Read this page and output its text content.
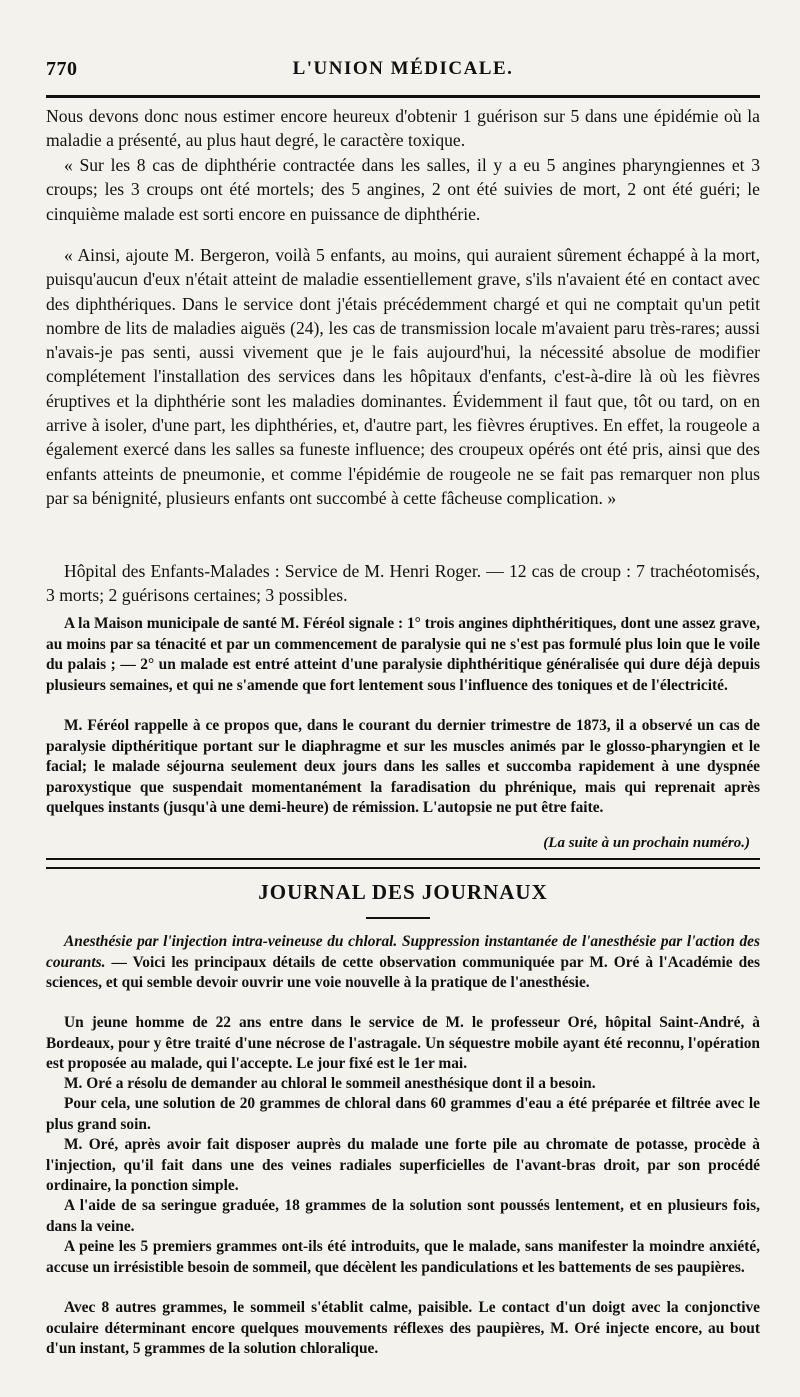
770	L'UNION MÉDICALE.

Nous devons donc nous estimer encore heureux d'obtenir 1 guérison sur 5 dans une épidémie où la maladie a présenté, au plus haut degré, le caractère toxique.

« Sur les 8 cas de diphthérie contractée dans les salles, il y a eu 5 angines pharyngiennes et 3 croups; les 3 croups ont été mortels; des 5 angines, 2 ont été suivies de mort, 2 ont été guéri; le cinquième malade est sorti encore en puissance de diphthérie.

« Ainsi, ajoute M. Bergeron, voilà 5 enfants, au moins, qui auraient sûrement échappé à la mort, puisqu'aucun d'eux n'était atteint de maladie essentiellement grave, s'ils n'avaient été en contact avec des diphthériques. Dans le service dont j'étais précédemment chargé et qui ne comptait qu'un petit nombre de lits de maladies aiguës (24), les cas de transmission locale m'avaient paru très-rares; aussi n'avais-je pas senti, aussi vivement que je le fais aujourd'hui, la nécessité absolue de modifier complétement l'installation des services dans les hôpitaux d'enfants, c'est-à-dire là où les fièvres éruptives et la diphthérie sont les maladies dominantes. Évidemment il faut que, tôt ou tard, on en arrive à isoler, d'une part, les diphthéries, et, d'autre part, les fièvres éruptives. En effet, la rougeole a également exercé dans les salles sa funeste influence; des croupeux opérés ont été pris, ainsi que des enfants atteints de pneumonie, et comme l'épidémie de rougeole ne se fait pas remarquer non plus par sa bénignité, plusieurs enfants ont succombé à cette fâcheuse complication. »

Hôpital des Enfants-Malades : Service de M. Henri Roger. — 12 cas de croup : 7 trachéotomisés, 3 morts; 2 guérisons certaines; 3 possibles.

A la Maison municipale de santé M. Féréol signale : 1° trois angines diphthéritiques, dont une assez grave, au moins par sa ténacité et par un commencement de paralysie qui ne s'est pas formulé plus loin que le voile du palais ; — 2° un malade est entré atteint d'une paralysie diphthéritique généralisée qui dure déjà depuis plusieurs semaines, et qui ne s'amende que fort lentement sous l'influence des toniques et de l'électricité.

M. Féréol rappelle à ce propos que, dans le courant du dernier trimestre de 1873, il a observé un cas de paralysie dipthéritique portant sur le diaphragme et sur les muscles animés par le glosso-pharyngien et le facial; le malade séjourna seulement deux jours dans les salles et succomba rapidement à une dyspnée paroxystique que suspendait momentanément la faradisation du phrénique, mais qui reprenait après quelques instants (jusqu'à une demi-heure) de rémission. L'autopsie ne put être faite.

(La suite à un prochain numéro.)
JOURNAL DES JOURNAUX

Anesthésie par l'injection intra-veineuse du chloral. Suppression instantanée de l'anesthésie par l'action des courants. — Voici les principaux détails de cette observation communiquée par M. Oré à l'Académie des sciences, et qui semble devoir ouvrir une voie nouvelle à la pratique de l'anesthésie.

Un jeune homme de 22 ans entre dans le service de M. le professeur Oré, hôpital Saint-André, à Bordeaux, pour y être traité d'une nécrose de l'astragale. Un séquestre mobile ayant été reconnu, l'opération est proposée au malade, qui l'accepte. Le jour fixé est le 1er mai.

M. Oré a résolu de demander au chloral le sommeil anesthésique dont il a besoin.

Pour cela, une solution de 20 grammes de chloral dans 60 grammes d'eau a été préparée et filtrée avec le plus grand soin.

M. Oré, après avoir fait disposer auprès du malade une forte pile au chromate de potasse, procède à l'injection, qu'il fait dans une des veines radiales superficielles de l'avant-bras droit, par son procédé ordinaire, la ponction simple.

A l'aide de sa seringue graduée, 18 grammes de la solution sont poussés lentement, et en plusieurs fois, dans la veine.

A peine les 5 premiers grammes ont-ils été introduits, que le malade, sans manifester la moindre anxiété, accuse un irrésistible besoin de sommeil, que décèlent les pandiculations et les battements de ses paupières.

Avec 8 autres grammes, le sommeil s'établit calme, paisible. Le contact d'un doigt avec la conjonctive oculaire déterminant encore quelques mouvements réflexes des paupières, M. Oré injecte encore, au bout d'un instant, 5 grammes de la solution chloralique.
